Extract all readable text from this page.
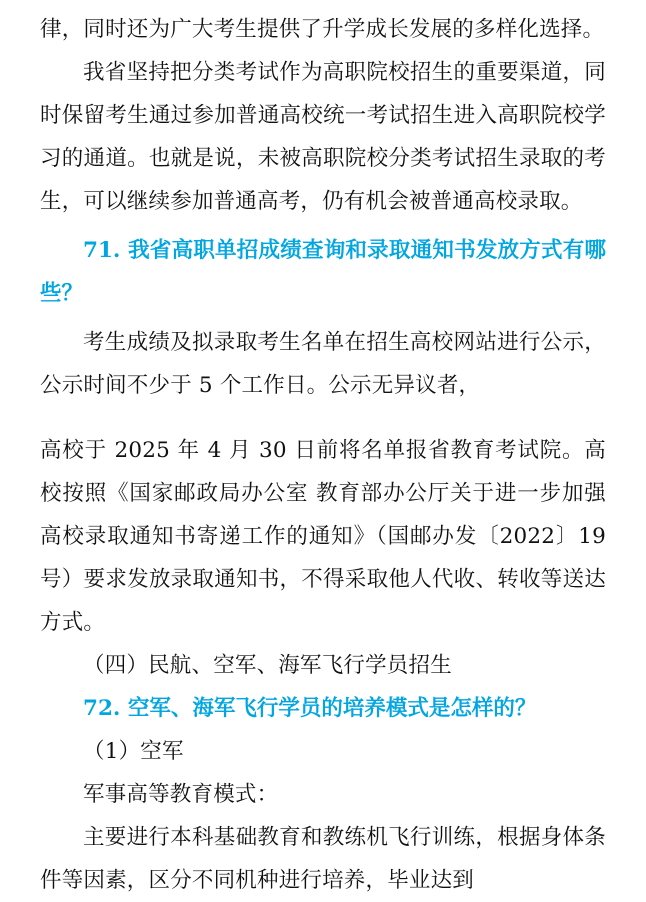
律，同时还为广大考生提供了升学成长发展的多样化选择。

我省坚持把分类考试作为高职院校招生的重要渠道，同时保留考生通过参加普通高校统一考试招生进入高职院校学习的通道。也就是说，未被高职院校分类考试招生录取的考生，可以继续参加普通高考，仍有机会被普通高校录取。

71. 我省高职单招成绩查询和录取通知书发放方式有哪些？

考生成绩及拟录取考生名单在招生高校网站进行公示，公示时间不少于 5 个工作日。公示无异议者，

高校于 2025 年 4 月 30 日前将名单报省教育考试院。高校按照《国家邮政局办公室 教育部办公厅关于进一步加强高校录取通知书寄递工作的通知》（国邮办发〔2022〕19 号）要求发放录取通知书，不得采取他人代收、转收等送达方式。

（四）民航、空军、海军飞行学员招生

72. 空军、海军飞行学员的培养模式是怎样的？

（1）空军

军事高等教育模式：

主要进行本科基础教育和教练机飞行训练，根据身体条件等因素，区分不同机种进行培养，毕业达到
